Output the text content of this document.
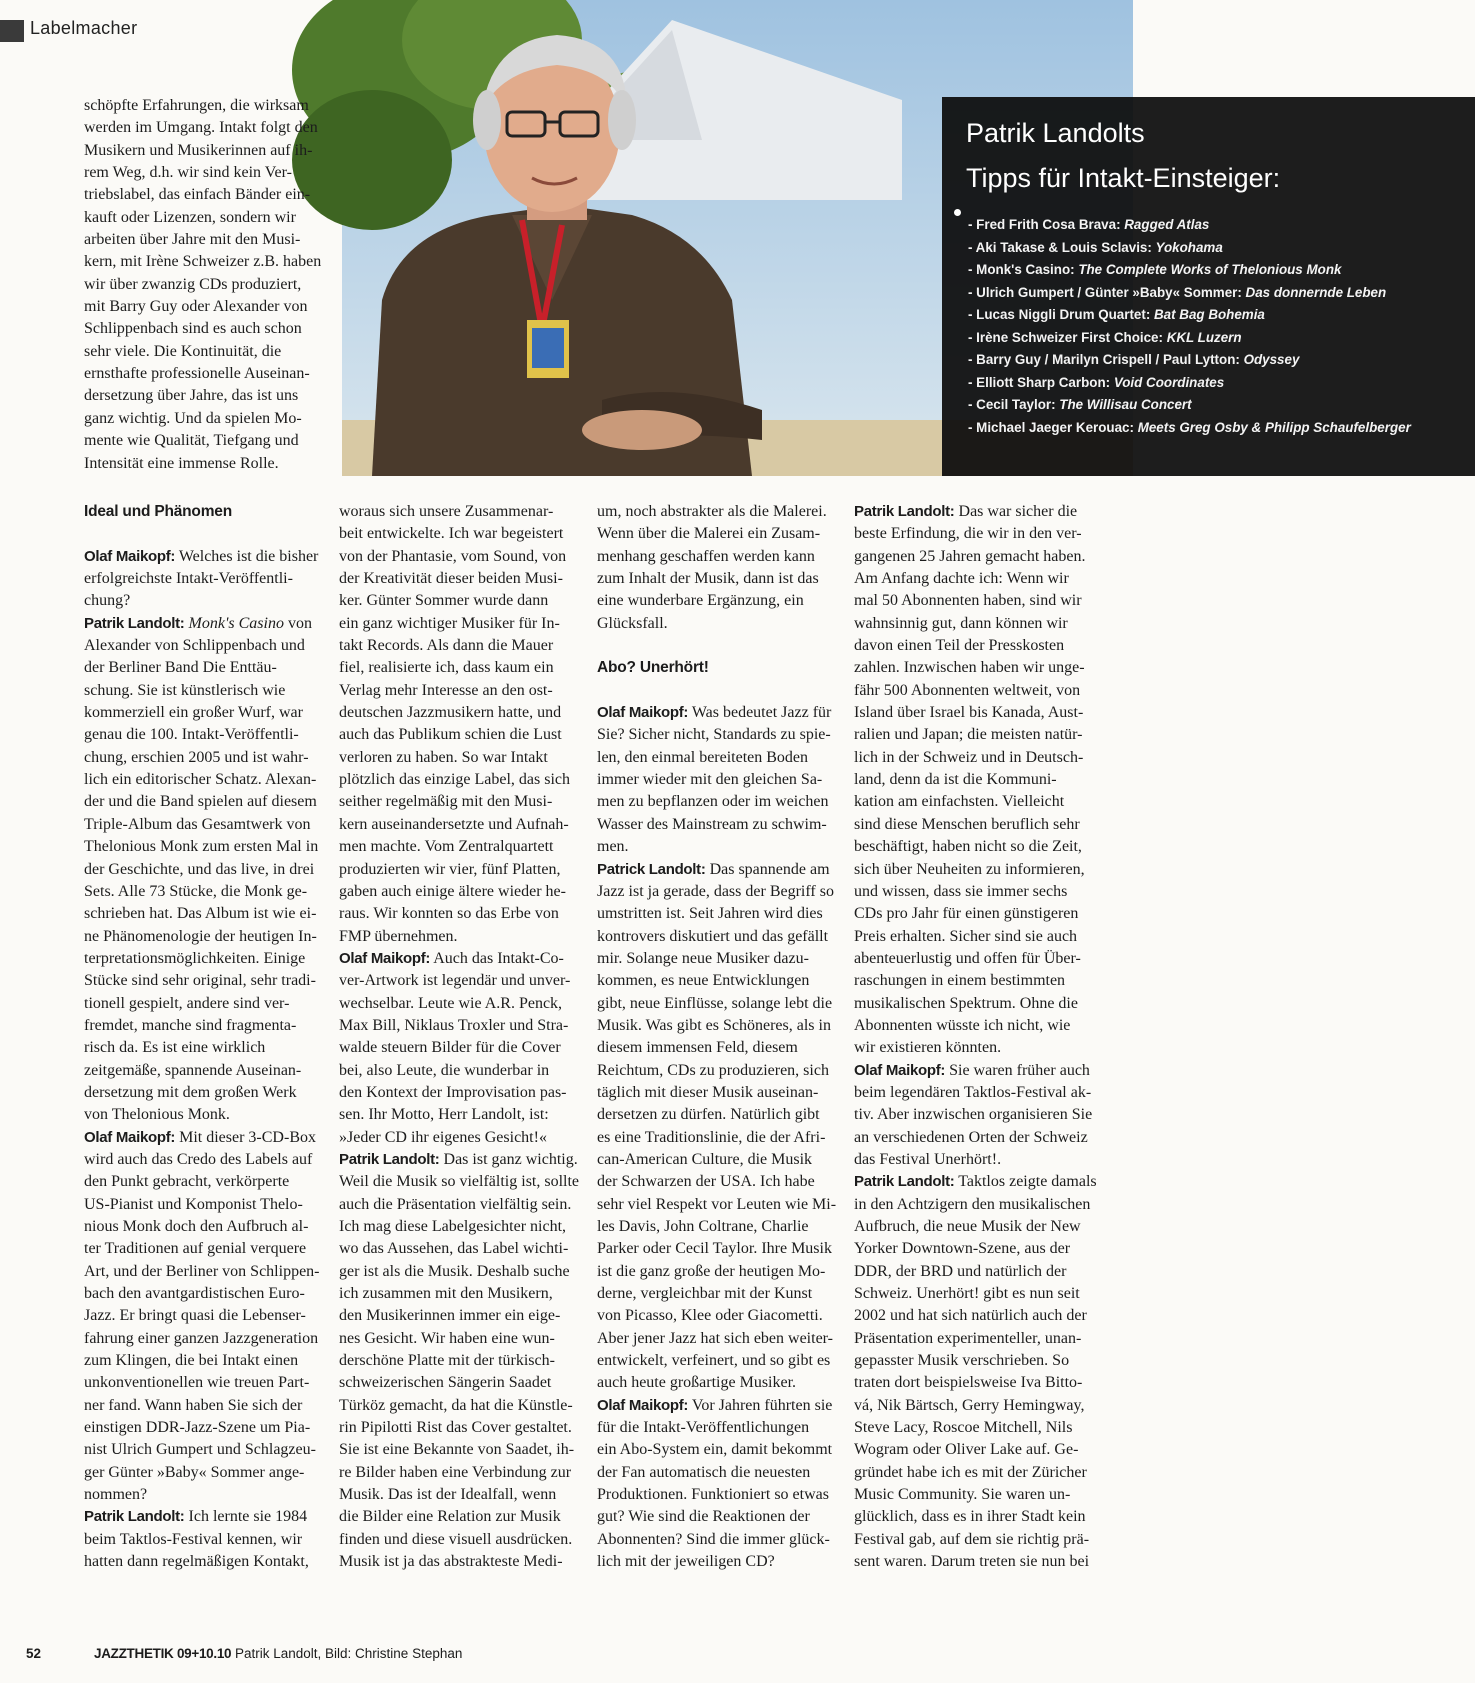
Labelmacher
Patrik Landolts
Tipps für Intakt-Einsteiger:
- Fred Frith Cosa Brava: Ragged Atlas
- Aki Takase & Louis Sclavis: Yokohama
- Monk's Casino: The Complete Works of Thelonious Monk
- Ulrich Gumpert / Günter »Baby« Sommer: Das donnernde Leben
- Lucas Niggli Drum Quartet: Bat Bag Bohemia
- Irène Schweizer First Choice: KKL Luzern
- Barry Guy / Marilyn Crispell / Paul Lytton: Odyssey
- Elliott Sharp Carbon: Void Coordinates
- Cecil Taylor: The Willisau Concert
- Michael Jaeger Kerouac: Meets Greg Osby & Philipp Schaufelberger

schöpfte Erfahrungen, die wirksam

werden im Umgang. Intakt folgt den

Musikern und Musikerinnen auf ih-

rem Weg, d.h. wir sind kein Ver-

triebslabel, das einfach Bänder ein-

kauft oder Lizenzen, sondern wir

arbeiten über Jahre mit den Musi-

kern, mit Irène Schweizer z.B. haben

wir über zwanzig CDs produziert,

mit Barry Guy oder Alexander von

Schlippenbach sind es auch schon

sehr viele. Die Kontinuität, die

ernsthafte professionelle Auseinan-

dersetzung über Jahre, das ist uns

ganz wichtig. Und da spielen Mo-

mente wie Qualität, Tiefgang und

Intensität eine immense Rolle.

Ideal und Phänomen

Olaf Maikopf: Welches ist die bisher

erfolgreichste Intakt-Veröffentli-

chung?

Patrik Landolt: Monk's Casino von

Alexander von Schlippenbach und

der Berliner Band Die Enttäu-

schung. Sie ist künstlerisch wie

kommerziell ein großer Wurf, war

genau die 100. Intakt-Veröffentli-

chung, erschien 2005 und ist wahr-

lich ein editorischer Schatz. Alexan-

der und die Band spielen auf diesem

Triple-Album das Gesamtwerk von

Thelonious Monk zum ersten Mal in

der Geschichte, und das live, in drei

Sets. Alle 73 Stücke, die Monk ge-

schrieben hat. Das Album ist wie ei-

ne Phänomenologie der heutigen In-

terpretationsmöglichkeiten. Einige

Stücke sind sehr original, sehr tradi-

tionell gespielt, andere sind ver-

fremdet, manche sind fragmenta-

risch da. Es ist eine wirklich

zeitgemäße, spannende Auseinan-

dersetzung mit dem großen Werk

von Thelonious Monk.

Olaf Maikopf: Mit dieser 3-CD-Box

wird auch das Credo des Labels auf

den Punkt gebracht, verkörperte

US-Pianist und Komponist Thelo-

nious Monk doch den Aufbruch al-

ter Traditionen auf genial verquere

Art, und der Berliner von Schlippen-

bach den avantgardistischen Euro-

Jazz. Er bringt quasi die Lebenser-

fahrung einer ganzen Jazzgeneration

zum Klingen, die bei Intakt einen

unkonventionellen wie treuen Part-

ner fand. Wann haben Sie sich der

einstigen DDR-Jazz-Szene um Pia-

nist Ulrich Gumpert und Schlagzeu-

ger Günter »Baby« Sommer ange-

nommen?

Patrik Landolt: Ich lernte sie 1984

beim Taktlos-Festival kennen, wir

hatten dann regelmäßigen Kontakt,

woraus sich unsere Zusammenar-

beit entwickelte. Ich war begeistert

von der Phantasie, vom Sound, von

der Kreativität dieser beiden Musi-

ker. Günter Sommer wurde dann

ein ganz wichtiger Musiker für In-

takt Records. Als dann die Mauer

fiel, realisierte ich, dass kaum ein

Verlag mehr Interesse an den ost-

deutschen Jazzmusikern hatte, und

auch das Publikum schien die Lust

verloren zu haben. So war Intakt

plötzlich das einzige Label, das sich

seither regelmäßig mit den Musi-

kern auseinandersetzte und Aufnah-

men machte. Vom Zentralquartett

produzierten wir vier, fünf Platten,

gaben auch einige ältere wieder he-

raus. Wir konnten so das Erbe von

FMP übernehmen.

Olaf Maikopf: Auch das Intakt-Co-

ver-Artwork ist legendär und unver-

wechselbar. Leute wie A.R. Penck,

Max Bill, Niklaus Troxler und Stra-

walde steuern Bilder für die Cover

bei, also Leute, die wunderbar in

den Kontext der Improvisation pas-

sen. Ihr Motto, Herr Landolt, ist:

»Jeder CD ihr eigenes Gesicht!«

Patrik Landolt: Das ist ganz wichtig.

Weil die Musik so vielfältig ist, sollte

auch die Präsentation vielfältig sein.

Ich mag diese Labelgesichter nicht,

wo das Aussehen, das Label wichti-

ger ist als die Musik. Deshalb suche

ich zusammen mit den Musikern,

den Musikerinnen immer ein eige-

nes Gesicht. Wir haben eine wun-

derschöne Platte mit der türkisch-

schweizerischen Sängerin Saadet

Türköz gemacht, da hat die Künstle-

rin Pipilotti Rist das Cover gestaltet.

Sie ist eine Bekannte von Saadet, ih-

re Bilder haben eine Verbindung zur

Musik. Das ist der Idealfall, wenn

die Bilder eine Relation zur Musik

finden und diese visuell ausdrücken.

Musik ist ja das abstrakteste Medi-

um, noch abstrakter als die Malerei.

Wenn über die Malerei ein Zusam-

menhang geschaffen werden kann

zum Inhalt der Musik, dann ist das

eine wunderbare Ergänzung, ein

Glücksfall.

Abo? Unerhört!

Olaf Maikopf: Was bedeutet Jazz für

Sie? Sicher nicht, Standards zu spie-

len, den einmal bereiteten Boden

immer wieder mit den gleichen Sa-

men zu bepflanzen oder im weichen

Wasser des Mainstream zu schwim-

men.

Patrick Landolt: Das spannende am

Jazz ist ja gerade, dass der Begriff so

umstritten ist. Seit Jahren wird dies

kontrovers diskutiert und das gefällt

mir. Solange neue Musiker dazu-

kommen, es neue Entwicklungen

gibt, neue Einflüsse, solange lebt die

Musik. Was gibt es Schöneres, als in

diesem immensen Feld, diesem

Reichtum, CDs zu produzieren, sich

täglich mit dieser Musik auseinan-

dersetzen zu dürfen. Natürlich gibt

es eine Traditionslinie, die der Afri-

can-American Culture, die Musik

der Schwarzen der USA. Ich habe

sehr viel Respekt vor Leuten wie Mi-

les Davis, John Coltrane, Charlie

Parker oder Cecil Taylor. Ihre Musik

ist die ganz große der heutigen Mo-

derne, vergleichbar mit der Kunst

von Picasso, Klee oder Giacometti.

Aber jener Jazz hat sich eben weiter-

entwickelt, verfeinert, und so gibt es

auch heute großartige Musiker.

Olaf Maikopf: Vor Jahren führten sie

für die Intakt-Veröffentlichungen

ein Abo-System ein, damit bekommt

der Fan automatisch die neuesten

Produktionen. Funktioniert so etwas

gut? Wie sind die Reaktionen der

Abonnenten? Sind die immer glück-

lich mit der jeweiligen CD?

Patrik Landolt: Das war sicher die

beste Erfindung, die wir in den ver-

gangenen 25 Jahren gemacht haben.

Am Anfang dachte ich: Wenn wir

mal 50 Abonnenten haben, sind wir

wahnsinnig gut, dann können wir

davon einen Teil der Presskosten

zahlen. Inzwischen haben wir unge-

fähr 500 Abonnenten weltweit, von

Island über Israel bis Kanada, Aust-

ralien und Japan; die meisten natür-

lich in der Schweiz und in Deutsch-

land, denn da ist die Kommuni-

kation am einfachsten. Vielleicht

sind diese Menschen beruflich sehr

beschäftigt, haben nicht so die Zeit,

sich über Neuheiten zu informieren,

und wissen, dass sie immer sechs

CDs pro Jahr für einen günstigeren

Preis erhalten. Sicher sind sie auch

abenteuerlustig und offen für Über-

raschungen in einem bestimmten

musikalischen Spektrum. Ohne die

Abonnenten wüsste ich nicht, wie

wir existieren könnten.

Olaf Maikopf: Sie waren früher auch

beim legendären Taktlos-Festival ak-

tiv. Aber inzwischen organisieren Sie

an verschiedenen Orten der Schweiz

das Festival Unerhört!.

Patrik Landolt: Taktlos zeigte damals

in den Achtzigern den musikalischen

Aufbruch, die neue Musik der New

Yorker Downtown-Szene, aus der

DDR, der BRD und natürlich der

Schweiz. Unerhört! gibt es nun seit

2002 und hat sich natürlich auch der

Präsentation experimenteller, unan-

gepasster Musik verschrieben. So

traten dort beispielsweise Iva Bitto-

vá, Nik Bärtsch, Gerry Hemingway,

Steve Lacy, Roscoe Mitchell, Nils

Wogram oder Oliver Lake auf. Ge-

gründet habe ich es mit der Züricher

Music Community. Sie waren un-

glücklich, dass es in ihrer Stadt kein

Festival gab, auf dem sie richtig prä-

sent waren. Darum treten sie nun bei

52	JAZZTHETIK 09+10.10 Patrik Landolt, Bild: Christine Stephan
